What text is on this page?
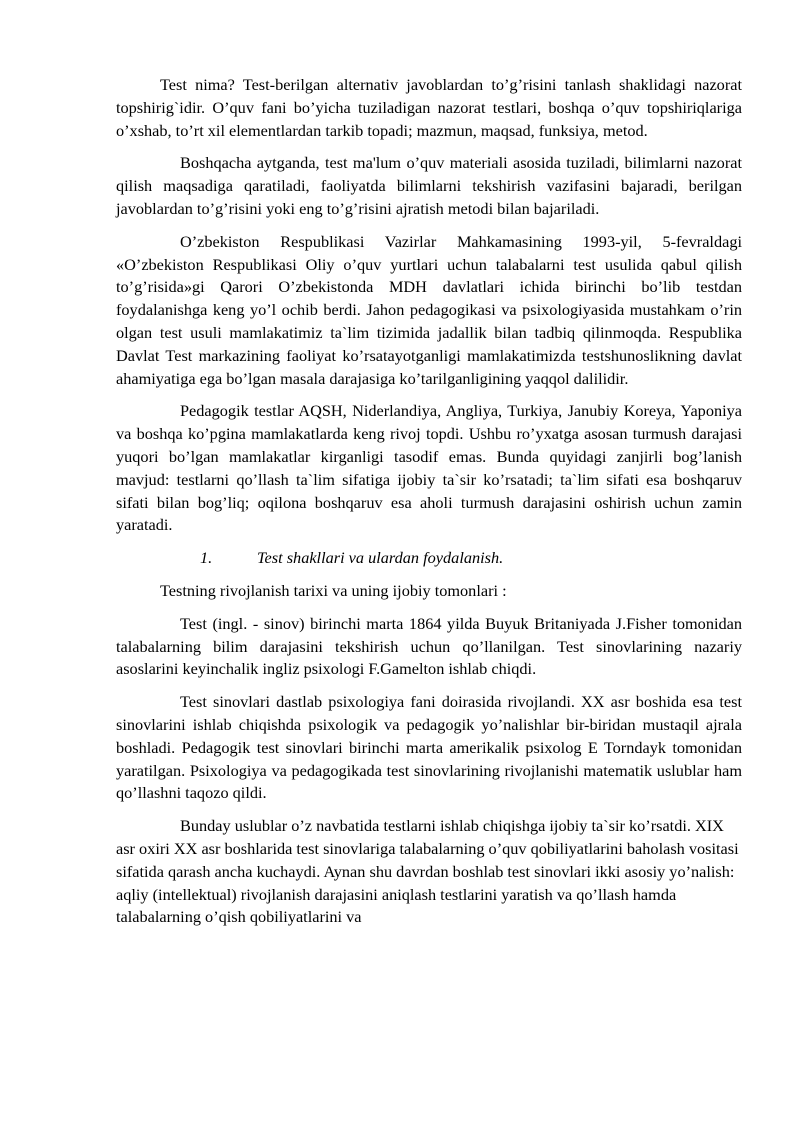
Test nima? Test-berilgan alternativ javoblardan to’g’risini tanlash shaklidagi nazorat topshirig`idir. O’quv fani bo’yicha tuziladigan nazorat testlari, boshqa o’quv topshiriqlariga o’xshab, to’rt xil elementlardan tarkib topadi; mazmun, maqsad, funksiya, metod.

Boshqacha aytganda, test ma'lum o’quv materiali asosida tuziladi, bilimlarni nazorat qilish maqsadiga qaratiladi, faoliyatda bilimlarni tekshirish vazifasini bajaradi, berilgan javoblardan to’g’risini yoki eng to’g’risini ajratish metodi bilan bajariladi.

O’zbekiston Respublikasi Vazirlar Mahkamasining 1993-yil, 5-fevraldagi «O’zbekiston Respublikasi Oliy o’quv yurtlari uchun talabalarni test usulida qabul qilish to’g’risida»gi Qarori O’zbekistonda MDH davlatlari ichida birinchi bo’lib testdan foydalanishga keng yo’l ochib berdi. Jahon pedagogikasi va psixologiyasida mustahkam o’rin olgan test usuli mamlakatimiz ta`lim tizimida jadallik bilan tadbiq qilinmoqda. Respublika Davlat Test markazining faoliyat ko’rsatayotganligi mamlakatimizda testshunoslikning davlat ahamiyatiga ega bo’lgan masala darajasiga ko’tarilganligining yaqqol dalilidir.

Pedagogik testlar AQSH, Niderlandiya, Angliya, Turkiya, Janubiy Koreya, Yaponiya va boshqa ko’pgina mamlakatlarda keng rivoj topdi. Ushbu ro’yxatga asosan turmush darajasi yuqori bo’lgan mamlakatlar kirganligi tasodif emas. Bunda quyidagi zanjirli bog’lanish mavjud: testlarni qo’llash ta`lim sifatiga ijobiy ta`sir ko’rsatadi; ta`lim sifati esa boshqaruv sifati bilan bog’liq; oqilona boshqaruv esa aholi turmush darajasini oshirish uchun zamin yaratadi.

1.	Test shakllari va ulardan foydalanish.

Testning rivojlanish tarixi va uning ijobiy tomonlari :

Test (ingl. - sinov) birinchi marta 1864 yilda Buyuk Britaniyada J.Fisher tomonidan talabalarning bilim darajasini tekshirish uchun qo’llanilgan. Test sinovlarining nazariy asoslarini keyinchalik ingliz psixologi F.Gamelton ishlab chiqdi.

Test sinovlari dastlab psixologiya fani doirasida rivojlandi. XX asr boshida esa test sinovlarini ishlab chiqishda psixologik va pedagogik yo’nalishlar bir-biridan mustaqil ajrala boshladi. Pedagogik test sinovlari birinchi marta amerikalik psixolog E Torndayk tomonidan yaratilgan. Psixologiya va pedagogikada test sinovlarining rivojlanishi matematik uslublar ham qo’llashni taqozo qildi.

Bunday uslublar o’z navbatida testlarni ishlab chiqishga ijobiy ta`sir ko’rsatdi. XIX asr oxiri XX asr boshlarida test sinovlariga talabalarning o’quv qobiliyatlarini baholash vositasi sifatida qarash ancha kuchaydi. Aynan shu davrdan boshlab test sinovlari ikki asosiy yo’nalish: aqliy (intellektual) rivojlanish darajasini aniqlash testlarini yaratish va qo’llash hamda talabalarning o’qish qobiliyatlarini va
